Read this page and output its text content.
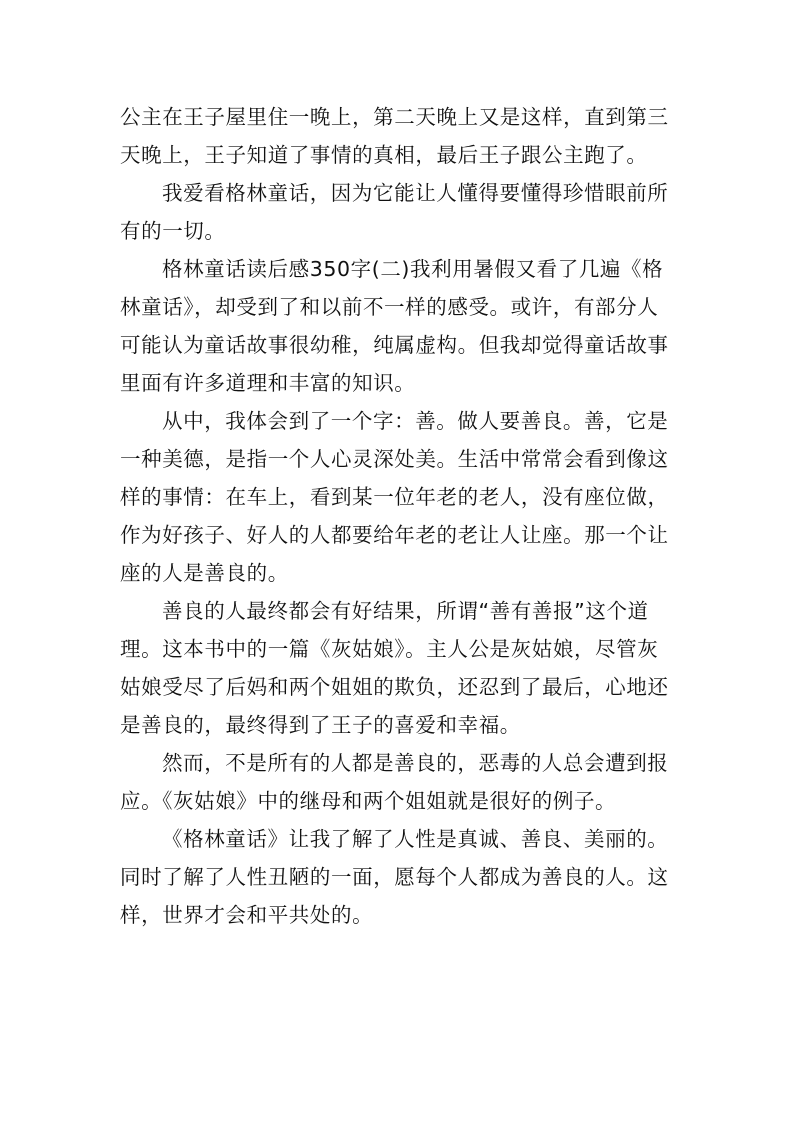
公主在王子屋里住一晚上，第二天晚上又是这样，直到第三
天晚上，王子知道了事情的真相，最后王子跟公主跑了。
我爱看格林童话，因为它能让人懂得要懂得珍惜眼前所
有的一切。
格林童话读后感350字(二)我利用暑假又看了几遍《格
林童话》，却受到了和以前不一样的感受。或许，有部分人
可能认为童话故事很幼稚，纯属虚构。但我却觉得童话故事
里面有许多道理和丰富的知识。
从中，我体会到了一个字：善。做人要善良。善，它是
一种美德，是指一个人心灵深处美。生活中常常会看到像这
样的事情：在车上，看到某一位年老的老人，没有座位做，
作为好孩子、好人的人都要给年老的老让人让座。那一个让
座的人是善良的。
善良的人最终都会有好结果，所谓“善有善报”这个道
理。这本书中的一篇《灰姑娘》。主人公是灰姑娘，尽管灰
姑娘受尽了后妈和两个姐姐的欺负，还忍到了最后，心地还
是善良的，最终得到了王子的喜爱和幸福。
然而，不是所有的人都是善良的，恶毒的人总会遭到报
应。《灰姑娘》中的继母和两个姐姐就是很好的例子。
《格林童话》让我了解了人性是真诚、善良、美丽的。
同时了解了人性丑陋的一面，愿每个人都成为善良的人。这
样，世界才会和平共处的。
